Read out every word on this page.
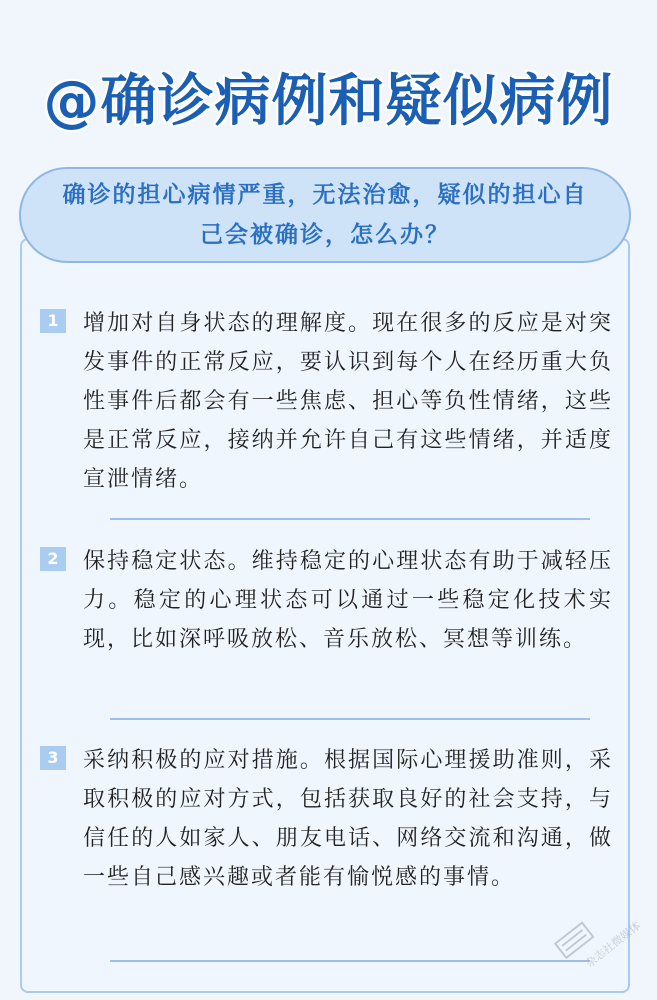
@确诊病例和疑似病例
确诊的担心病情严重，无法治愈，疑似的担心自己会被确诊，怎么办？
1	增加对自身状态的理解度。现在很多的反应是对突发事件的正常反应，要认识到每个人在经历重大负性事件后都会有一些焦虑、担心等负性情绪，这些是正常反应，接纳并允许自己有这些情绪，并适度宣泄情绪。
2	保持稳定状态。维持稳定的心理状态有助于减轻压力。稳定的心理状态可以通过一些稳定化技术实现，比如深呼吸放松、音乐放松、冥想等训练。
3	采纳积极的应对措施。根据国际心理援助准则，采取积极的应对方式，包括获取良好的社会支持，与信任的人如家人、朋友电话、网络交流和沟通，做一些自己感兴趣或者能有愉悦感的事情。
杂志社微媒体
